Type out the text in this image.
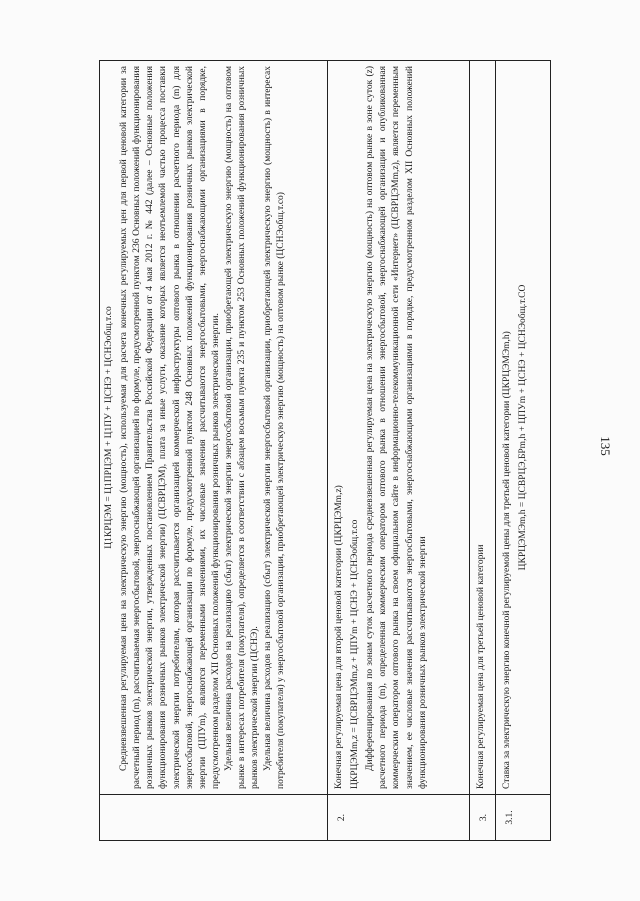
135

	Ц1КРЦЭМ = Ц1ПРЦЭМ + Ц1ПУ + ЦСНЭ + ЦСНЭобщ.т.со Средневзвешенная регулируемая цена на электрическую энергию (мощность), используемая для расчета конечных регулируемых цен для первой ценовой категории за расчетный период (m), рассчитываемая энергосбытовой, энергоснабжающей организацией по формуле, предусмотренной пунктом 236 Основных положений функционирования розничных рынков электрической энергии, утвержденных постановлением Правительства Российской Федерации от 4 мая 2012 г. № 442 (далее – Основные положения функционирования розничных рынков электрической энергии) (ЦСВРЦЭМ), плата за иные услуги, оказание которых является неотъемлемой частью процесса поставки электрической энергии потребителям, которая рассчитывается организацией коммерческой инфраструктуры оптового рынка в отношении расчетного периода (m) для энергосбытовой, энергоснабжающей организации по формуле, предусмотренной пунктом 248 Основных положений функционирования розничных рынков электрической энергии (ЦПУm), являются переменными значениями, их числовые значения рассчитываются энергосбытовыми, энергоснабжающими организациями в порядке, предусмотренном разделом XII Основных положений функционирования розничных рынков электрической энергии. Удельная величина расходов на реализацию (сбыт) электрической энергии энергосбытовой организации, приобретающей электрическую энергию (мощность) на оптовом рынке в интересах потребителя (покупателя), определяется в соответствии с абзацем восьмым пункта 235 и пунктом 253 Основных положений функционирования розничных рынков электрической энергии (ЦСНЭ). Удельная величина расходов на реализацию (сбыт) электрической энергии энергосбытовой организации, приобретающей электрическую энергию (мощность) в интересах потребителя (покупателя) у энергосбытовой организации, приобретающей электрическую энергию (мощность) на оптовом рынке (ЦСНЭобщ.т.со)

2.	Конечная регулируемая цена для второй ценовой категории (ЦКРЦЭМm,z) ЦКРЦЭМm,z = ЦСВРЦЭМm,z + ЦПУm + ЦСНЭ + ЦСНЭобщ.т.со Дифференцированная по зонам суток расчетного периода средневзвешенная регулируемая цена на электрическую энергию (мощность) на оптовом рынке в зоне суток (z) расчетного периода (m), определенная коммерческим оператором оптового рынка в отношении энергосбытовой, энергоснабжающей организации и опубликованная коммерческим оператором оптового рынка на своем официальном сайте в информационно-телекоммуникационной сети «Интернет» (ЦСВРЦЭМm,z), является переменным значением, ее числовые значения рассчитываются энергосбытовыми, энергоснабжающими организациями в порядке, предусмотренном разделом XII Основных положений функционирования розничных рынков электрической энергии

3.	Конечная регулируемая цена для третьей ценовой категории

3.1.	Ставка за электрическую энергию конечной регулируемой цены для третьей ценовой категории (ЦКРЦЭМЭm,h) ЦКРЦЭМЭm,h = ЦСВРЦЭ,БРm,h + ЦПУm + ЦСНЭ + ЦСНЭобщ.т.СО
